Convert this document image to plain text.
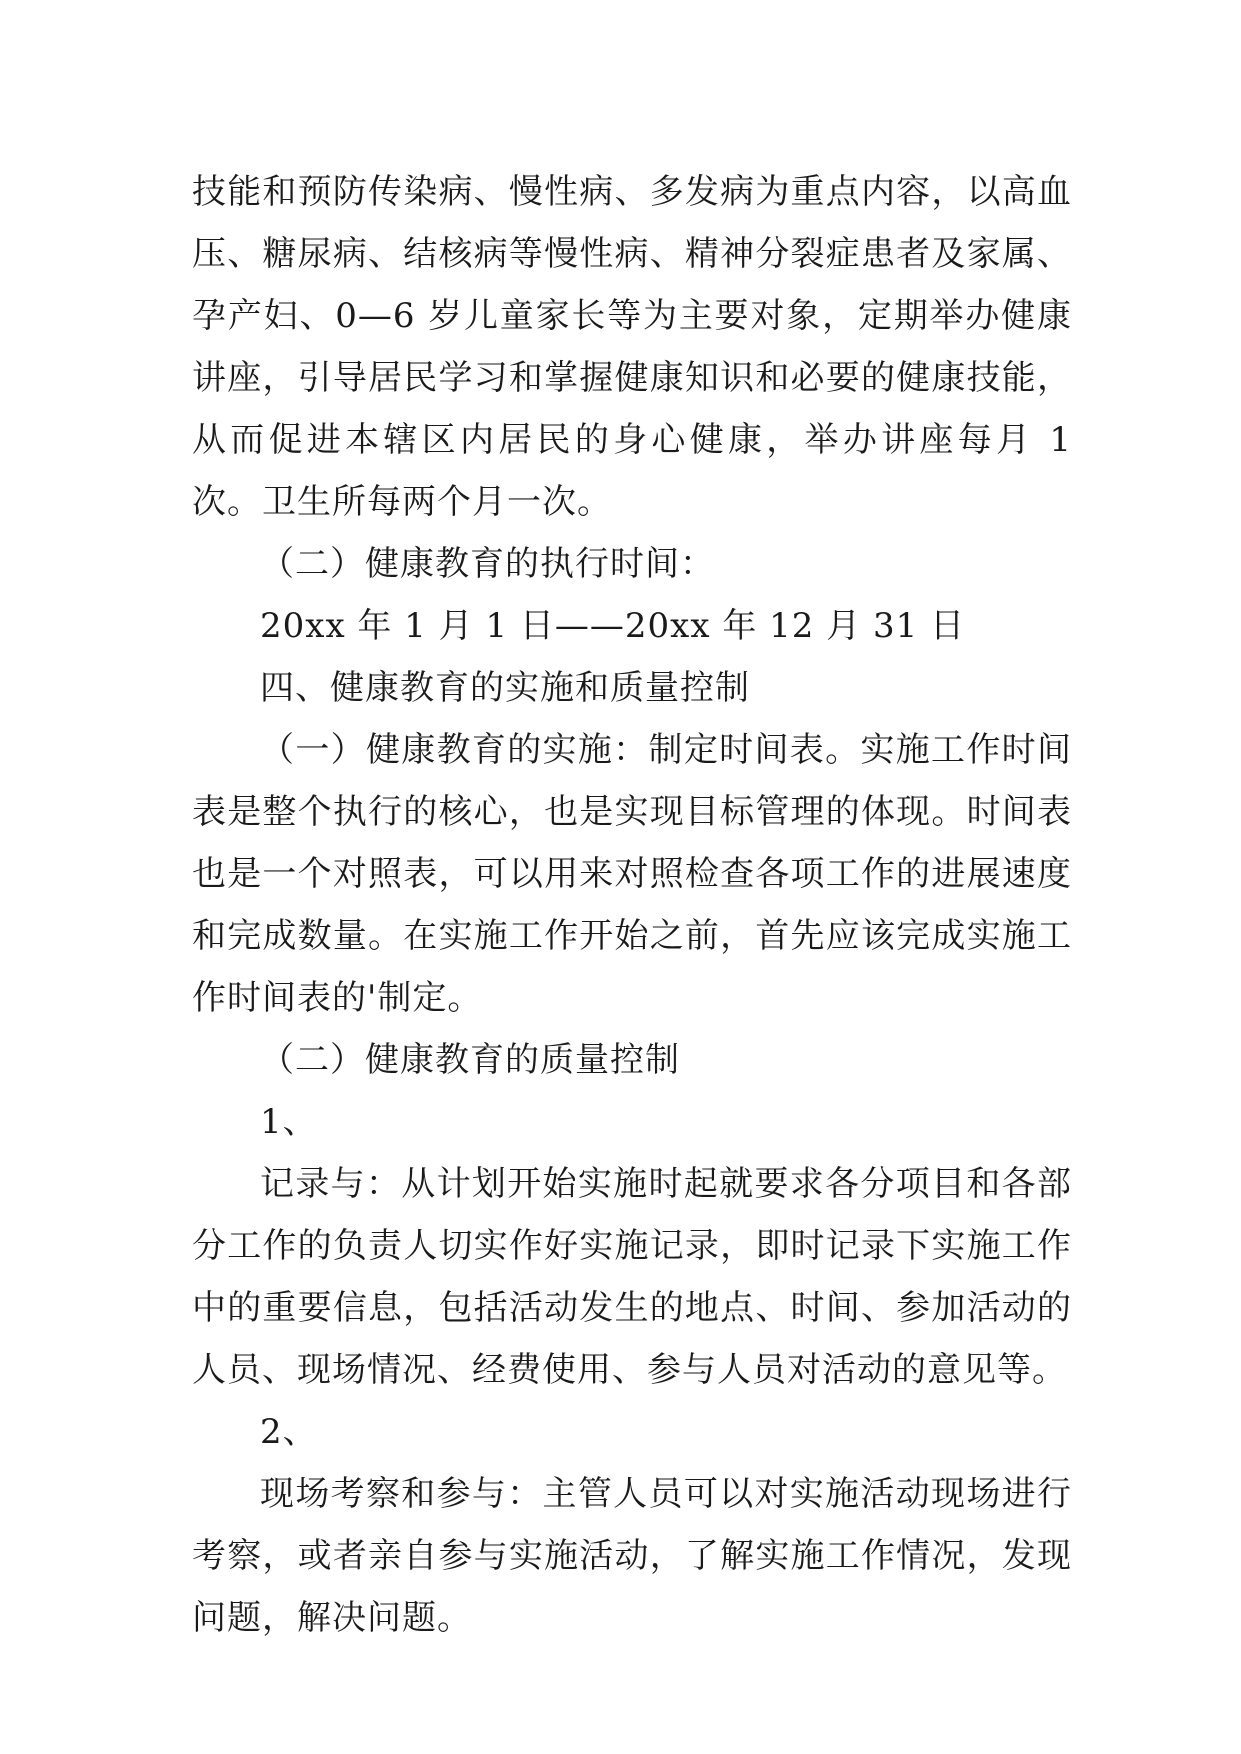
技能和预防传染病、慢性病、多发病为重点内容，以高血压、糖尿病、结核病等慢性病、精神分裂症患者及家属、孕产妇、0—6 岁儿童家长等为主要对象，定期举办健康讲座，引导居民学习和掌握健康知识和必要的健康技能，从而促进本辖区内居民的身心健康，举办讲座每月 1 次。卫生所每两个月一次。

（二）健康教育的执行时间：

20xx 年 1 月 1 日——20xx 年 12 月 31 日

四、健康教育的实施和质量控制

（一）健康教育的实施：制定时间表。实施工作时间表是整个执行的核心，也是实现目标管理的体现。时间表也是一个对照表，可以用来对照检查各项工作的进展速度和完成数量。在实施工作开始之前，首先应该完成实施工作时间表的'制定。

（二）健康教育的质量控制

1、

记录与：从计划开始实施时起就要求各分项目和各部分工作的负责人切实作好实施记录，即时记录下实施工作中的重要信息，包括活动发生的地点、时间、参加活动的人员、现场情况、经费使用、参与人员对活动的意见等。

2、

现场考察和参与：主管人员可以对实施活动现场进行考察，或者亲自参与实施活动，了解实施工作情况，发现问题，解决问题。
